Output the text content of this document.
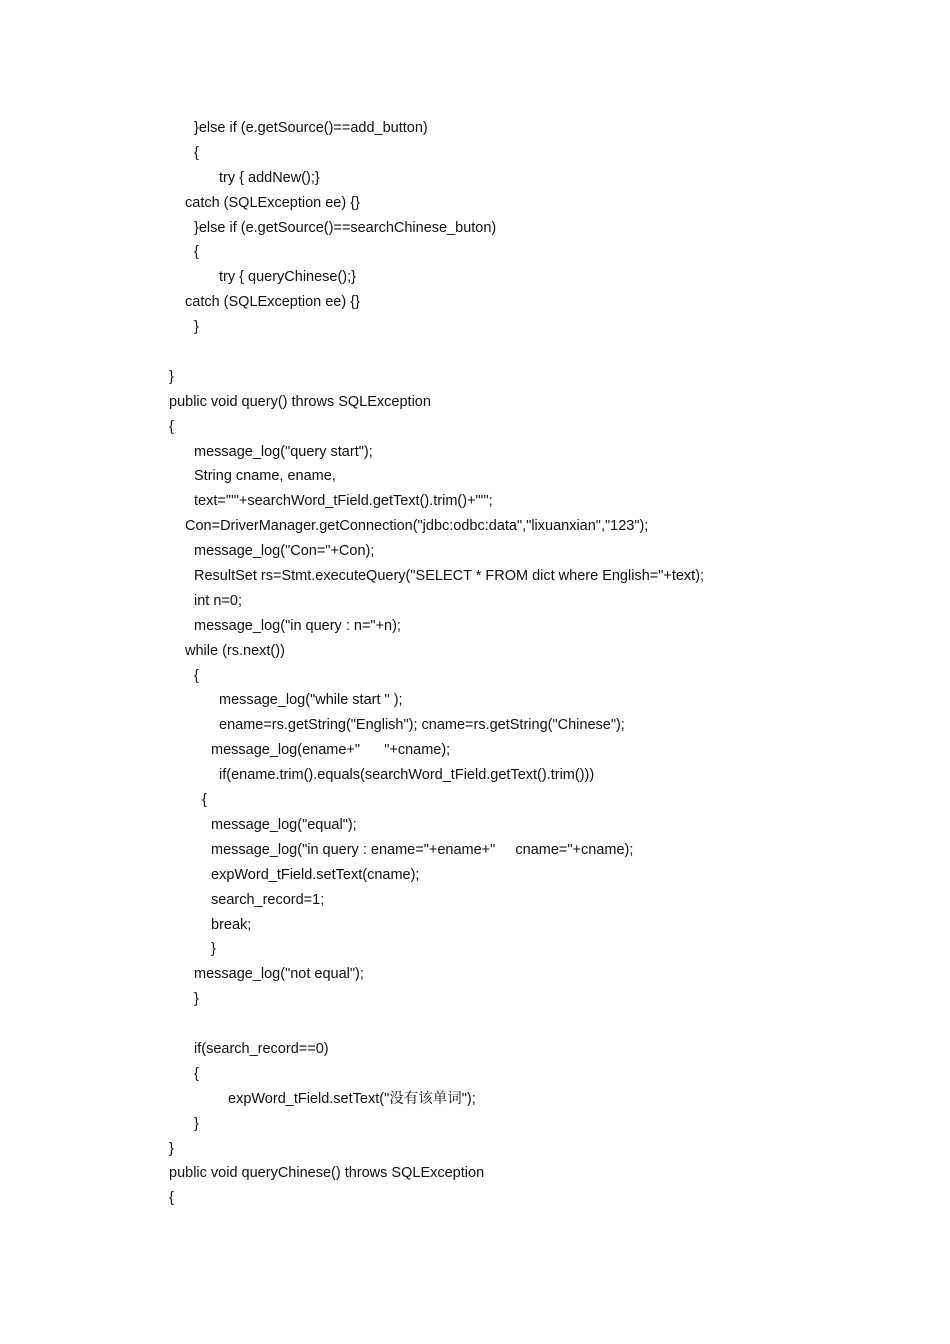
}else if (e.getSource()==add_button)
{
try { addNew();}
catch (SQLException ee) {}
}else if (e.getSource()==searchChinese_buton)
{
try { queryChinese();}
catch (SQLException ee) {}
}
}
public void query() throws SQLException
{
message_log("query start");
String cname, ename,
text="'"+searchWord_tField.getText().trim()+"'";
Con=DriverManager.getConnection("jdbc:odbc:data","lixuanxian","123");
message_log("Con="+Con);
ResultSet rs=Stmt.executeQuery("SELECT * FROM dict where English="+text);
int n=0;
message_log("in query : n="+n);
while (rs.next())
{
message_log("while start " );
ename=rs.getString("English"); cname=rs.getString("Chinese");
message_log(ename+"      "+cname);
if(ename.trim().equals(searchWord_tField.getText().trim()))
{
message_log("equal");
message_log("in query : ename="+ename+"     cname="+cname);
expWord_tField.setText(cname);
search_record=1;
break;
}
message_log("not equal");
}
if(search_record==0)
{
expWord_tField.setText("没有该单词");
}
}
public void queryChinese() throws SQLException
{
